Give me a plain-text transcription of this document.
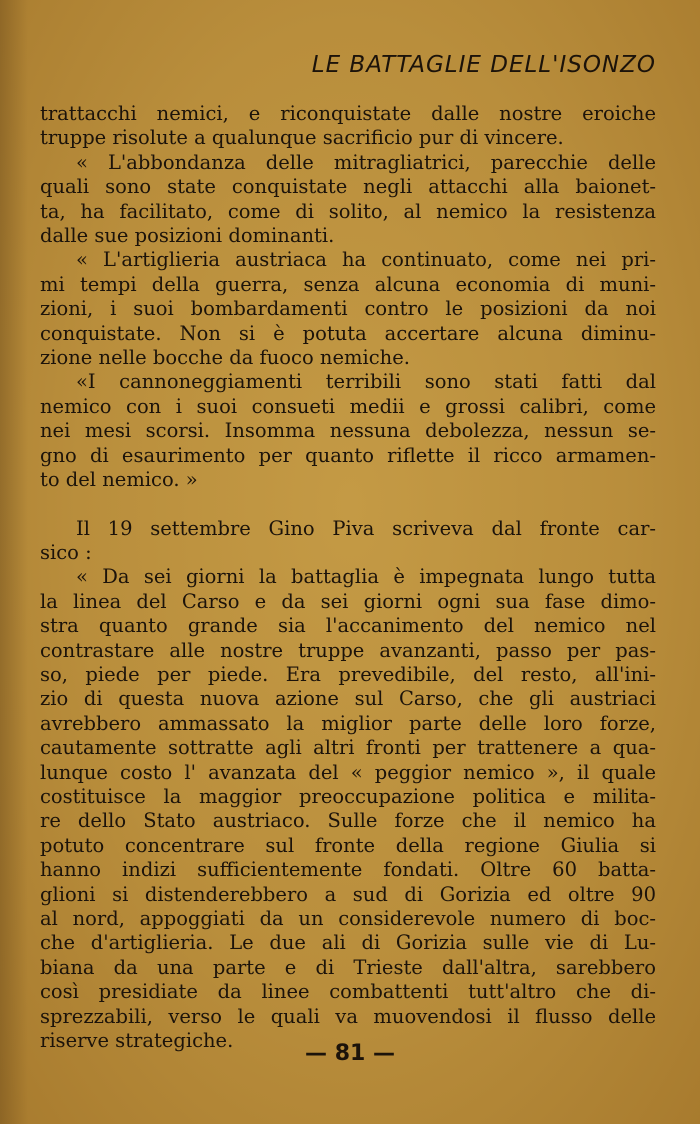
LE BATTAGLIE DELL'ISONZO
trattacchi nemici, e riconquistate dalle nostre eroiche
truppe risolute a qualunque sacrificio pur di vincere.
« L'abbondanza delle mitragliatrici, parecchie delle
quali sono state conquistate negli attacchi alla baionet-
ta, ha facilitato, come di solito, al nemico la resistenza
dalle sue posizioni dominanti.
« L'artiglieria austriaca ha continuato, come nei pri-
mi tempi della guerra, senza alcuna economia di muni-
zioni, i suoi bombardamenti contro le posizioni da noi
conquistate. Non si è potuta accertare alcuna diminu-
zione nelle bocche da fuoco nemiche.
«I cannoneggiamenti terribili sono stati fatti dal
nemico con i suoi consueti medii e grossi calibri, come
nei mesi scorsi. Insomma nessuna debolezza, nessun se-
gno di esaurimento per quanto riflette il ricco armamen-
to del nemico. »
Il 19 settembre Gino Piva scriveva dal fronte car-
sico :
« Da sei giorni la battaglia è impegnata lungo tutta
la linea del Carso e da sei giorni ogni sua fase dimo-
stra quanto grande sia l'accanimento del nemico nel
contrastare alle nostre truppe avanzanti, passo per pas-
so, piede per piede. Era prevedibile, del resto, all'ini-
zio di questa nuova azione sul Carso, che gli austriaci
avrebbero ammassato la miglior parte delle loro forze,
cautamente sottratte agli altri fronti per trattenere a qua-
lunque costo l' avanzata del « peggior nemico », il quale
costituisce la maggior preoccupazione politica e milita-
re dello Stato austriaco. Sulle forze che il nemico ha
potuto concentrare sul fronte della regione Giulia si
hanno indizi sufficientemente fondati. Oltre 60 batta-
glioni si distenderebbero a sud di Gorizia ed oltre 90
al nord, appoggiati da un considerevole numero di boc-
che d'artiglieria. Le due ali di Gorizia sulle vie di Lu-
biana da una parte e di Trieste dall'altra, sarebbero
così presidiate da linee combattenti tutt'altro che di-
sprezzabili, verso le quali va muovendosi il flusso delle
riserve strategiche.
— 81 —
